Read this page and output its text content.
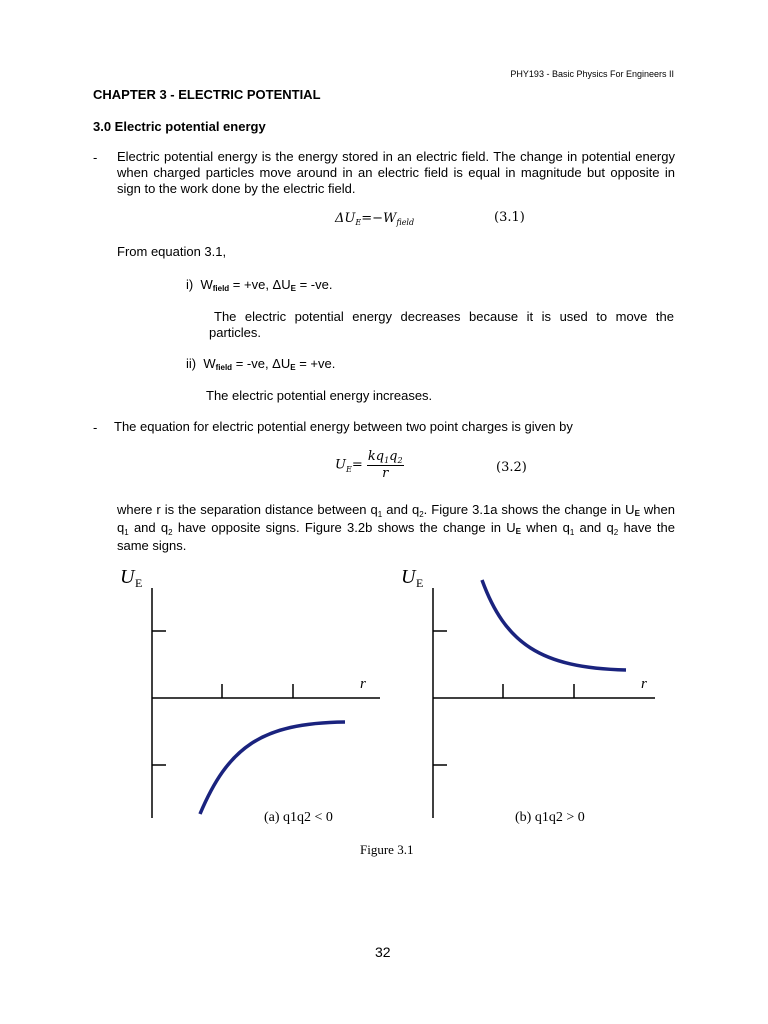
PHY193 - Basic Physics For Engineers II
CHAPTER 3 - ELECTRIC POTENTIAL
3.0 Electric potential energy
- Electric potential energy is the energy stored in an electric field. The change in potential energy when charged particles move around in an electric field is equal in magnitude but opposite in sign to the work done by the electric field.
$\Delta U_E=-W_{field}$	(3.1)
From equation 3.1,
i) Wfield = +ve, ΔUE = -ve.
The electric potential energy decreases because it is used to move the particles.
ii) Wfield = -ve, ΔUE = +ve.
The electric potential energy increases.
- The equation for electric potential energy between two point charges is given by
$U_E= \frac{kq_1q_2}{r}$	(3.2)
where r is the separation distance between $q_1$ and $q_2$. Figure 3.1a shows the change in UE when $q_1$ and $q_2$ have opposite signs. Figure 3.2b shows the change in UE when $q_1$ and $q_2$ have the same signs.
U E
r
(a) q1q2 < 0
U E
r
(b) q1q2 > 0
Figure 3.1
32
